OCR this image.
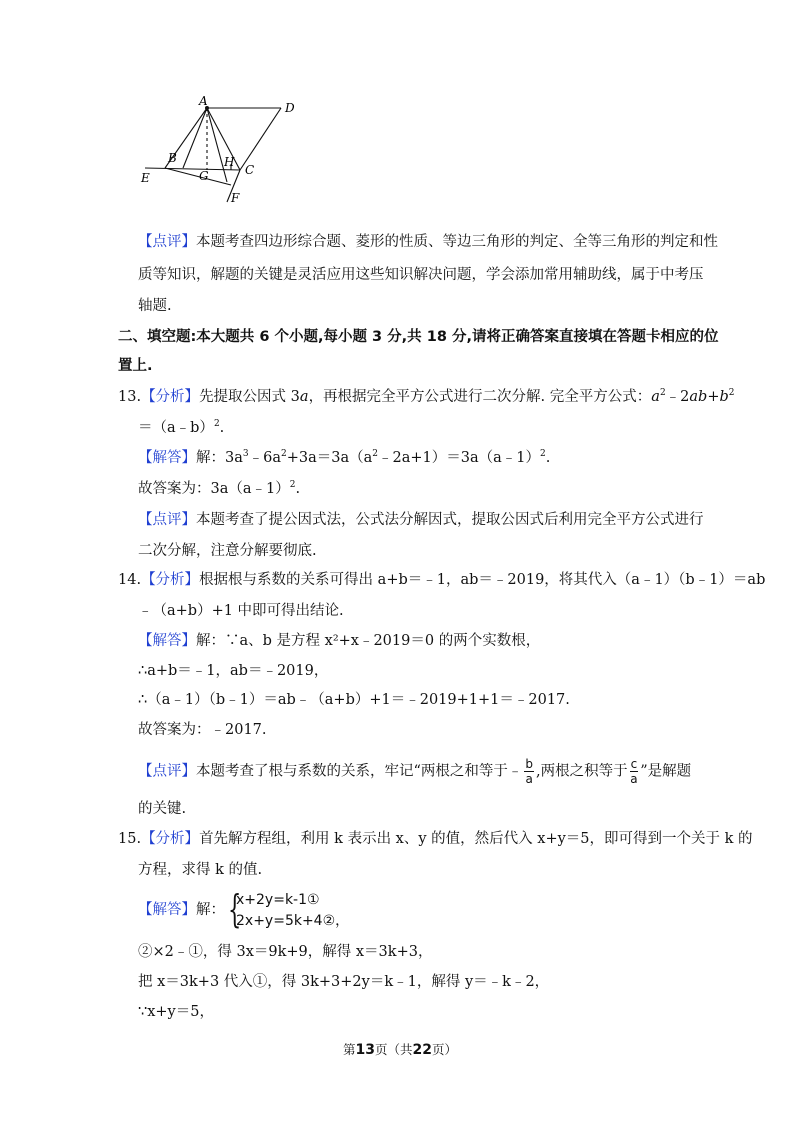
A	D
B
E	G
H
C
F
【点评】本题考查四边形综合题、菱形的性质、等边三角形的判定、全等三角形的判定和性
质等知识，解题的关键是灵活应用这些知识解决问题，学会添加常用辅助线，属于中考压
轴题.
二、填空题:本大题共 6 个小题,每小题 3 分,共 18 分,请将正确答案直接填在答题卡相应的位
置上.
13.【分析】先提取公因式 3a，再根据完全平方公式进行二次分解. 完全平方公式：$a^2﹣2ab+b^2$
＝（a﹣b）$^2$.
【解答】解：$3a^3﹣6a^2+3a=3a(a^2﹣2a+1)=3a(a﹣1)^2$.
故答案为：3a（a﹣1）$^2$.
【点评】本题考查了提公因式法，公式法分解因式，提取公因式后利用完全平方公式进行
二次分解，注意分解要彻底.
14.【分析】根据根与系数的关系可得出 a+b＝﹣1，ab＝﹣2019，将其代入（a﹣1）（b﹣1）＝ab
﹣（a+b）+1 中即可得出结论.
【解答】解：∵a、b 是方程 x²+x﹣2019＝0 的两个实数根，
∴a+b＝﹣1，ab＝﹣2019，
∴（a﹣1）（b﹣1）＝ab﹣（a+b）+1＝﹣2019+1+1＝﹣2017.
故答案为：﹣2017.
【点评】本题考查了根与系数的关系，牢记“两根之和等于﹣ $\frac{b}{a}$ ,两根之积等于 $\frac{c}{a}$ ”是解题
的关键.
15.【分析】首先解方程组，利用 k 表示出 x、y 的值，然后代入 x+y＝5，即可得到一个关于 k 的
方程，求得 k 的值.
【解答】解： {
x+2y=k-1①
2x+y=5k+4②，
②×2﹣①，得 3x＝9k+9，解得 x＝3k+3，
把 x＝3k+3 代入①，得 3k+3+2y＝k﹣1，解得 y＝﹣k﹣2，
∵x+y＝5，
第13页（共22页）
